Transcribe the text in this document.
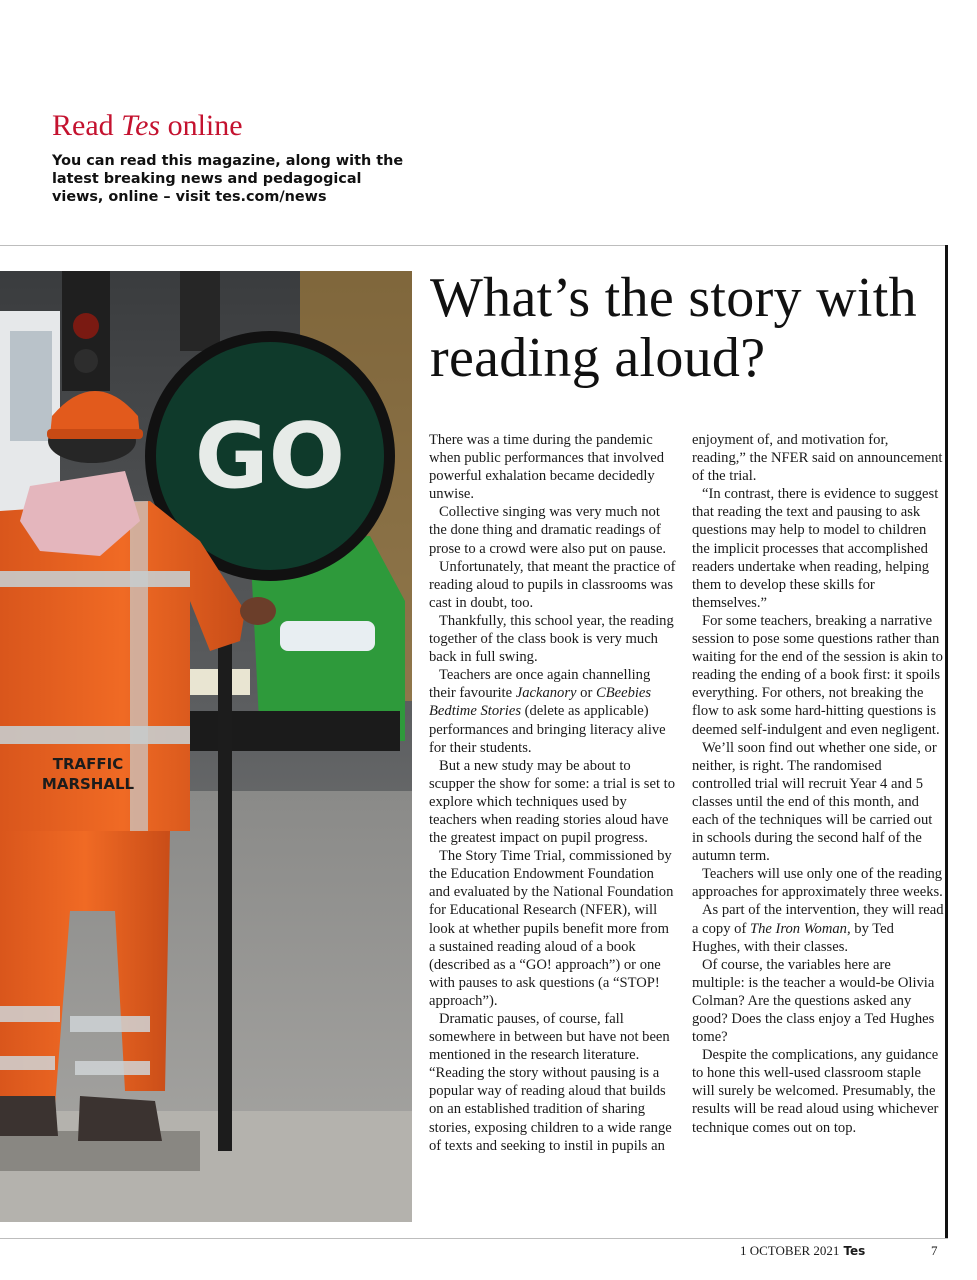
Read Tes online

You can read this magazine, along with the latest breaking news and pedagogical views, online – visit tes.com/news

GO
TRAFFIC
MARSHALL
What’s the story with reading aloud?

There was a time during the pandemic when public performances that involved powerful exhalation became decidedly unwise.

Collective singing was very much not the done thing and dramatic readings of prose to a crowd were also put on pause.

Unfortunately, that meant the practice of reading aloud to pupils in classrooms was cast in doubt, too.

Thankfully, this school year, the reading together of the class book is very much back in full swing.

Teachers are once again channelling their favourite Jackanory or CBeebies Bedtime Stories (delete as applicable) performances and bringing literacy alive for their students.

But a new study may be about to scupper the show for some: a trial is set to explore which techniques used by teachers when reading stories aloud have the greatest impact on pupil progress.

The Story Time Trial, commissioned by the Education Endowment Foundation and evaluated by the National Foundation for Educational Research (NFER), will look at whether pupils benefit more from a sustained reading aloud of a book (described as a “GO! approach”) or one with pauses to ask questions (a “STOP! approach”).

Dramatic pauses, of course, fall somewhere in between but have not been mentioned in the research literature. “Reading the story without pausing is a popular way of reading aloud that builds on an established tradition of sharing stories, exposing children to a wide range of texts and seeking to instil in pupils an

enjoyment of, and motivation for, reading,” the NFER said on announcement of the trial.

“In contrast, there is evidence to suggest that reading the text and pausing to ask questions may help to model to children the implicit processes that accomplished readers undertake when reading, helping them to develop these skills for themselves.”

For some teachers, breaking a narrative session to pose some questions rather than waiting for the end of the session is akin to reading the ending of a book first: it spoils everything. For others, not breaking the flow to ask some hard-hitting questions is deemed self-indulgent and even negligent.

We’ll soon find out whether one side, or neither, is right. The randomised controlled trial will recruit Year 4 and 5 classes until the end of this month, and each of the techniques will be carried out in schools during the second half of the autumn term.

Teachers will use only one of the reading approaches for approximately three weeks.

As part of the intervention, they will read a copy of The Iron Woman, by Ted Hughes, with their classes.

Of course, the variables here are multiple: is the teacher a would-be Olivia Colman? Are the questions asked any good? Does the class enjoy a Ted Hughes tome?

Despite the complications, any guidance to hone this well-used classroom staple will surely be welcomed. Presumably, the results will be read aloud using whichever technique comes out on top.

1 OCTOBER 2021 Tes	7
